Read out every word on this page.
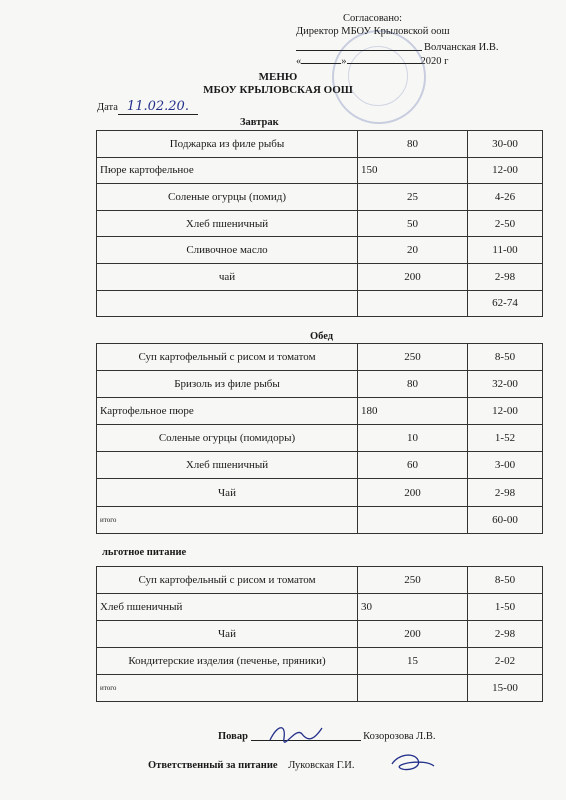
Согласовано:
Директор МБОУ Крыловской оош
Волчанская И.В.
«	»	2020 г
МЕНЮ
МБОУ КРЫЛОВСКАЯ ООШ
Дата 11.02.20.
Завтрак
Поджарка из филе рыбы	80	30-00
Пюре картофельное	150	12-00
Соленые огурцы (помид)	25	4-26
Хлеб пшеничный	50	2-50
Сливочное масло	20	11-00
чай	200	2-98
		62-74
Обед
Суп картофельный с рисом и томатом	250	8-50
Бризоль из филе рыбы	80	32-00
Картофельное пюре	180	12-00
Соленые огурцы (помидоры)	10	1-52
Хлеб пшеничный	60	3-00
Чай	200	2-98
итого		60-00
льготное питание
Суп картофельный с рисом и томатом	250	8-50
Хлеб пшеничный	30	1-50
Чай	200	2-98
Кондитерские изделия (печенье, пряники)	15	2-02
итого		15-00
Повар	Козорозова Л.В.
Ответственный за питание Луковская Г.И.
